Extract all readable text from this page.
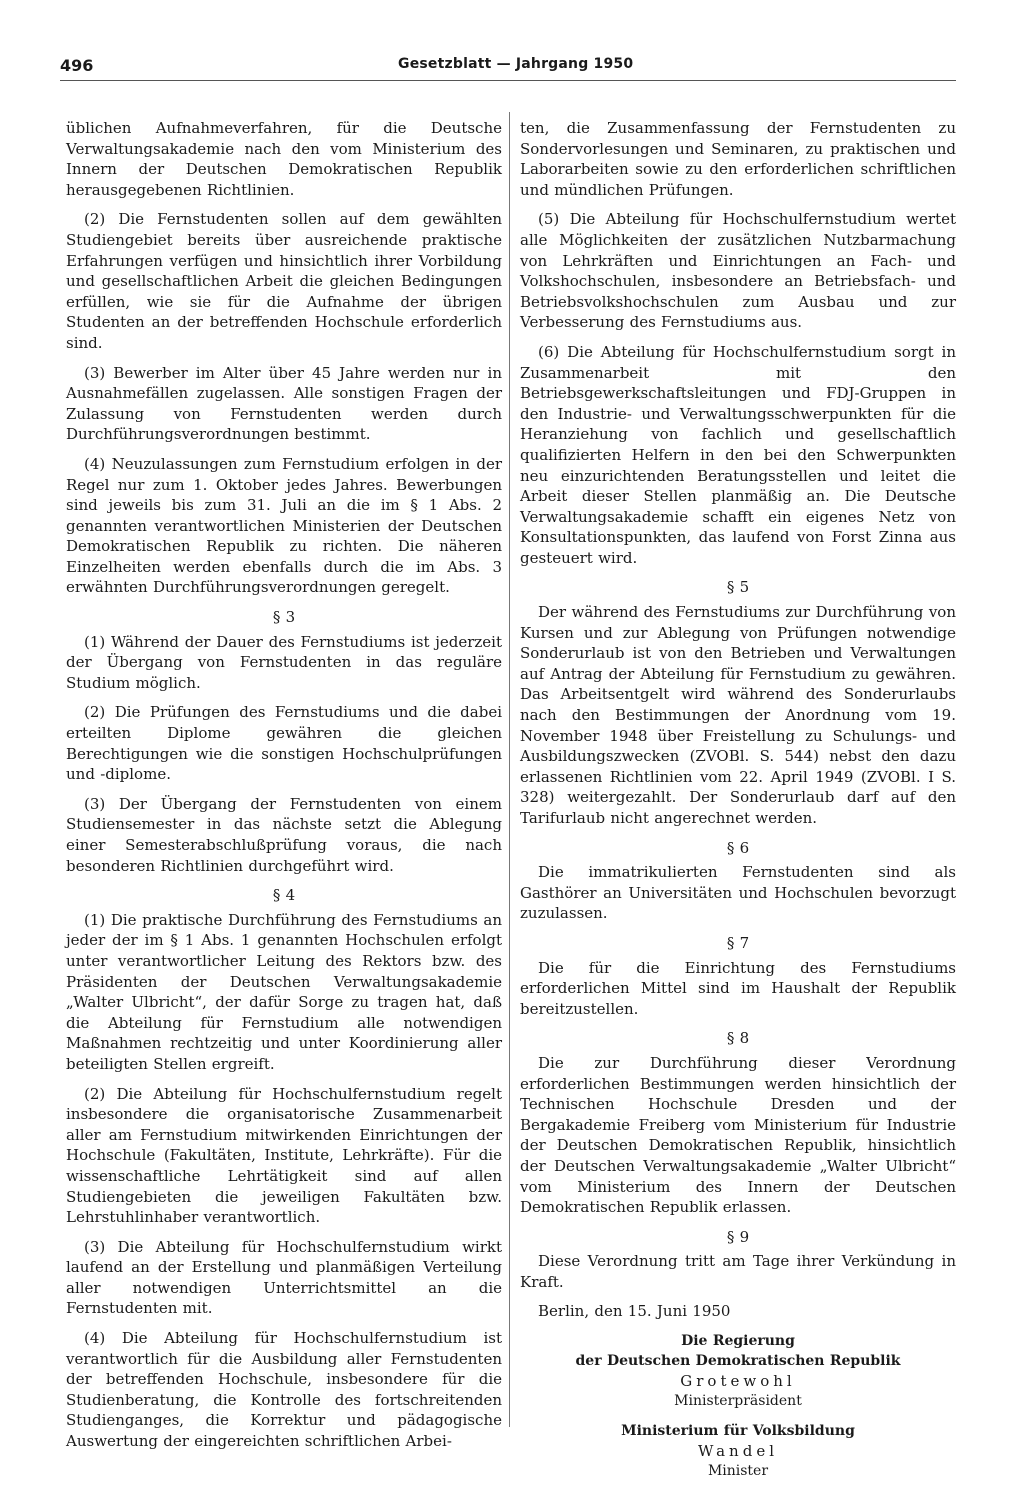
496	Gesetzblatt — Jahrgang 1950

üblichen Aufnahmeverfahren, für die Deutsche Verwaltungsakademie nach den vom Ministerium des Innern der Deutschen Demokratischen Republik herausgegebenen Richtlinien.

(2) Die Fernstudenten sollen auf dem gewählten Studiengebiet bereits über ausreichende praktische Erfahrungen verfügen und hinsichtlich ihrer Vorbildung und gesellschaftlichen Arbeit die gleichen Bedingungen erfüllen, wie sie für die Aufnahme der übrigen Studenten an der betreffenden Hochschule erforderlich sind.

(3) Bewerber im Alter über 45 Jahre werden nur in Ausnahmefällen zugelassen. Alle sonstigen Fragen der Zulassung von Fernstudenten werden durch Durchführungsverordnungen bestimmt.

(4) Neuzulassungen zum Fernstudium erfolgen in der Regel nur zum 1. Oktober jedes Jahres. Bewerbungen sind jeweils bis zum 31. Juli an die im § 1 Abs. 2 genannten verantwortlichen Ministerien der Deutschen Demokratischen Republik zu richten. Die näheren Einzelheiten werden ebenfalls durch die im Abs. 3 erwähnten Durchführungsverordnungen geregelt.

§ 3

(1) Während der Dauer des Fernstudiums ist jederzeit der Übergang von Fernstudenten in das reguläre Studium möglich.

(2) Die Prüfungen des Fernstudiums und die dabei erteilten Diplome gewähren die gleichen Berechtigungen wie die sonstigen Hochschulprüfungen und -diplome.

(3) Der Übergang der Fernstudenten von einem Studiensemester in das nächste setzt die Ablegung einer Semesterabschlußprüfung voraus, die nach besonderen Richtlinien durchgeführt wird.

§ 4

(1) Die praktische Durchführung des Fernstudiums an jeder der im § 1 Abs. 1 genannten Hochschulen erfolgt unter verantwortlicher Leitung des Rektors bzw. des Präsidenten der Deutschen Verwaltungsakademie „Walter Ulbricht“, der dafür Sorge zu tragen hat, daß die Abteilung für Fernstudium alle notwendigen Maßnahmen rechtzeitig und unter Koordinierung aller beteiligten Stellen ergreift.

(2) Die Abteilung für Hochschulfernstudium regelt insbesondere die organisatorische Zusammenarbeit aller am Fernstudium mitwirkenden Einrichtungen der Hochschule (Fakultäten, Institute, Lehrkräfte). Für die wissenschaftliche Lehrtätigkeit sind auf allen Studiengebieten die jeweiligen Fakultäten bzw. Lehrstuhlinhaber verantwortlich.

(3) Die Abteilung für Hochschulfernstudium wirkt laufend an der Erstellung und planmäßigen Verteilung aller notwendigen Unterrichtsmittel an die Fernstudenten mit.

(4) Die Abteilung für Hochschulfernstudium ist verantwortlich für die Ausbildung aller Fernstudenten der betreffenden Hochschule, insbesondere für die Studienberatung, die Kontrolle des fortschreitenden Studienganges, die Korrektur und pädagogische Auswertung der eingereichten schriftlichen Arbei-

ten, die Zusammenfassung der Fernstudenten zu Sondervorlesungen und Seminaren, zu praktischen und Laborarbeiten sowie zu den erforderlichen schriftlichen und mündlichen Prüfungen.

(5) Die Abteilung für Hochschulfernstudium wertet alle Möglichkeiten der zusätzlichen Nutzbarmachung von Lehrkräften und Einrichtungen an Fach- und Volkshochschulen, insbesondere an Betriebsfach- und Betriebsvolkshochschulen zum Ausbau und zur Verbesserung des Fernstudiums aus.

(6) Die Abteilung für Hochschulfernstudium sorgt in Zusammenarbeit mit den Betriebsgewerkschaftsleitungen und FDJ-Gruppen in den Industrie- und Verwaltungsschwerpunkten für die Heranziehung von fachlich und gesellschaftlich qualifizierten Helfern in den bei den Schwerpunkten neu einzurichtenden Beratungsstellen und leitet die Arbeit dieser Stellen planmäßig an. Die Deutsche Verwaltungsakademie schafft ein eigenes Netz von Konsultationspunkten, das laufend von Forst Zinna aus gesteuert wird.

§ 5

Der während des Fernstudiums zur Durchführung von Kursen und zur Ablegung von Prüfungen notwendige Sonderurlaub ist von den Betrieben und Verwaltungen auf Antrag der Abteilung für Fernstudium zu gewähren. Das Arbeitsentgelt wird während des Sonderurlaubs nach den Bestimmungen der Anordnung vom 19. November 1948 über Freistellung zu Schulungs- und Ausbildungszwecken (ZVOBl. S. 544) nebst den dazu erlassenen Richtlinien vom 22. April 1949 (ZVOBl. I S. 328) weitergezahlt. Der Sonderurlaub darf auf den Tarifurlaub nicht angerechnet werden.

§ 6

Die immatrikulierten Fernstudenten sind als Gasthörer an Universitäten und Hochschulen bevorzugt zuzulassen.

§ 7

Die für die Einrichtung des Fernstudiums erforderlichen Mittel sind im Haushalt der Republik bereitzustellen.

§ 8

Die zur Durchführung dieser Verordnung erforderlichen Bestimmungen werden hinsichtlich der Technischen Hochschule Dresden und der Bergakademie Freiberg vom Ministerium für Industrie der Deutschen Demokratischen Republik, hinsichtlich der Deutschen Verwaltungsakademie „Walter Ulbricht“ vom Ministerium des Innern der Deutschen Demokratischen Republik erlassen.

§ 9

Diese Verordnung tritt am Tage ihrer Verkündung in Kraft.

Berlin, den 15. Juni 1950

Die Regierung
der Deutschen Demokratischen Republik
Grotewohl
Ministerpräsident
Ministerium für Volksbildung
Wandel
Minister
